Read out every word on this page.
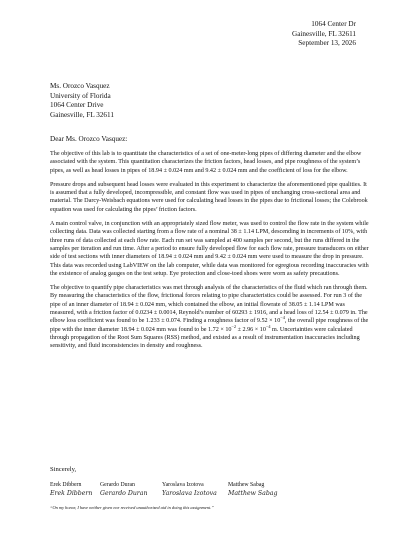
1064 Center Dr
Gainesville, FL 32611
September 13, 2026
Ms. Orozco Vasquez
University of Florida
1064 Center Drive
Gainesville, FL 32611
Dear Ms. Orozco Vasquez:

The objective of this lab is to quantitate the characteristics of a set of one-meter-long pipes of differing diameter and the elbow associated with the system. This quantitation characterizes the friction factors, head losses, and pipe roughness of the system’s pipes, as well as head losses in pipes of 18.94 ± 0.024 mm and 9.42 ± 0.024 mm and the coefficient of loss for the elbow.

Pressure drops and subsequent head losses were evaluated in this experiment to characterize the aforementioned pipe qualities. It is assumed that a fully developed, incompressible, and constant flow was used in pipes of unchanging cross-sectional area and material. The Darcy-Weisbach equations were used for calculating head losses in the pipes due to frictional losses; the Colebrook equation was used for calculating the pipes’ friction factors.

A main control valve, in conjunction with an appropriately sized flow meter, was used to control the flow rate in the system while collecting data. Data was collected starting from a flow rate of a nominal 38 ± 1.14 LPM, descending in increments of 10%, with three runs of data collected at each flow rate. Each run set was sampled at 400 samples per second, but the runs differed in the samples per iteration and run time. After a period to ensure fully developed flow for each flow rate, pressure transducers on either side of test sections with inner diameters of 18.94 ± 0.024 mm and 9.42 ± 0.024 mm were used to measure the drop in pressure. This data was recorded using LabVIEW on the lab computer, while data was monitored for egregious recording inaccuracies with the existence of analog gauges on the test setup. Eye protection and close-toed shoes were worn as safety precautions.

The objective to quantify pipe characteristics was met through analysis of the characteristics of the fluid which ran through them. By measuring the characteristics of the flow, frictional forces relating to pipe characteristics could be assessed. For run 3 of the pipe of an inner diameter of 18.94 ± 0.024 mm, which contained the elbow, an initial flowrate of 38.05 ± 1.14 LPM was measured, with a friction factor of 0.0234 ± 0.0014, Reynold’s number of 60293 ± 1916, and a head loss of 12.54 ± 0.079 in. The elbow loss coefficient was found to be 1.233 ± 0.074. Finding a roughness factor of $9.52 \times 10^{-4}$, the overall pipe roughness of the pipe with the inner diameter 18.94 ± 0.024 mm was found to be $1.72 \times 10^{-2} \pm 2.96 \times 10^{-4}$ m. Uncertainties were calculated through propagation of the Root Sum Squares (RSS) method, and existed as a result of instrumentation inaccuracies including sensitivity, and fluid inconsistencies in density and roughness.

Sincerely,
Erek Dibbern
Erek Dibbern
Gerardo Duran
Gerardo Duran
Yaroslava Izotova
Yaroslava Izotova
Matthew Sabag
Matthew Sabag
“On my honor, I have neither given nor received unauthorized aid in doing this assignment.”
